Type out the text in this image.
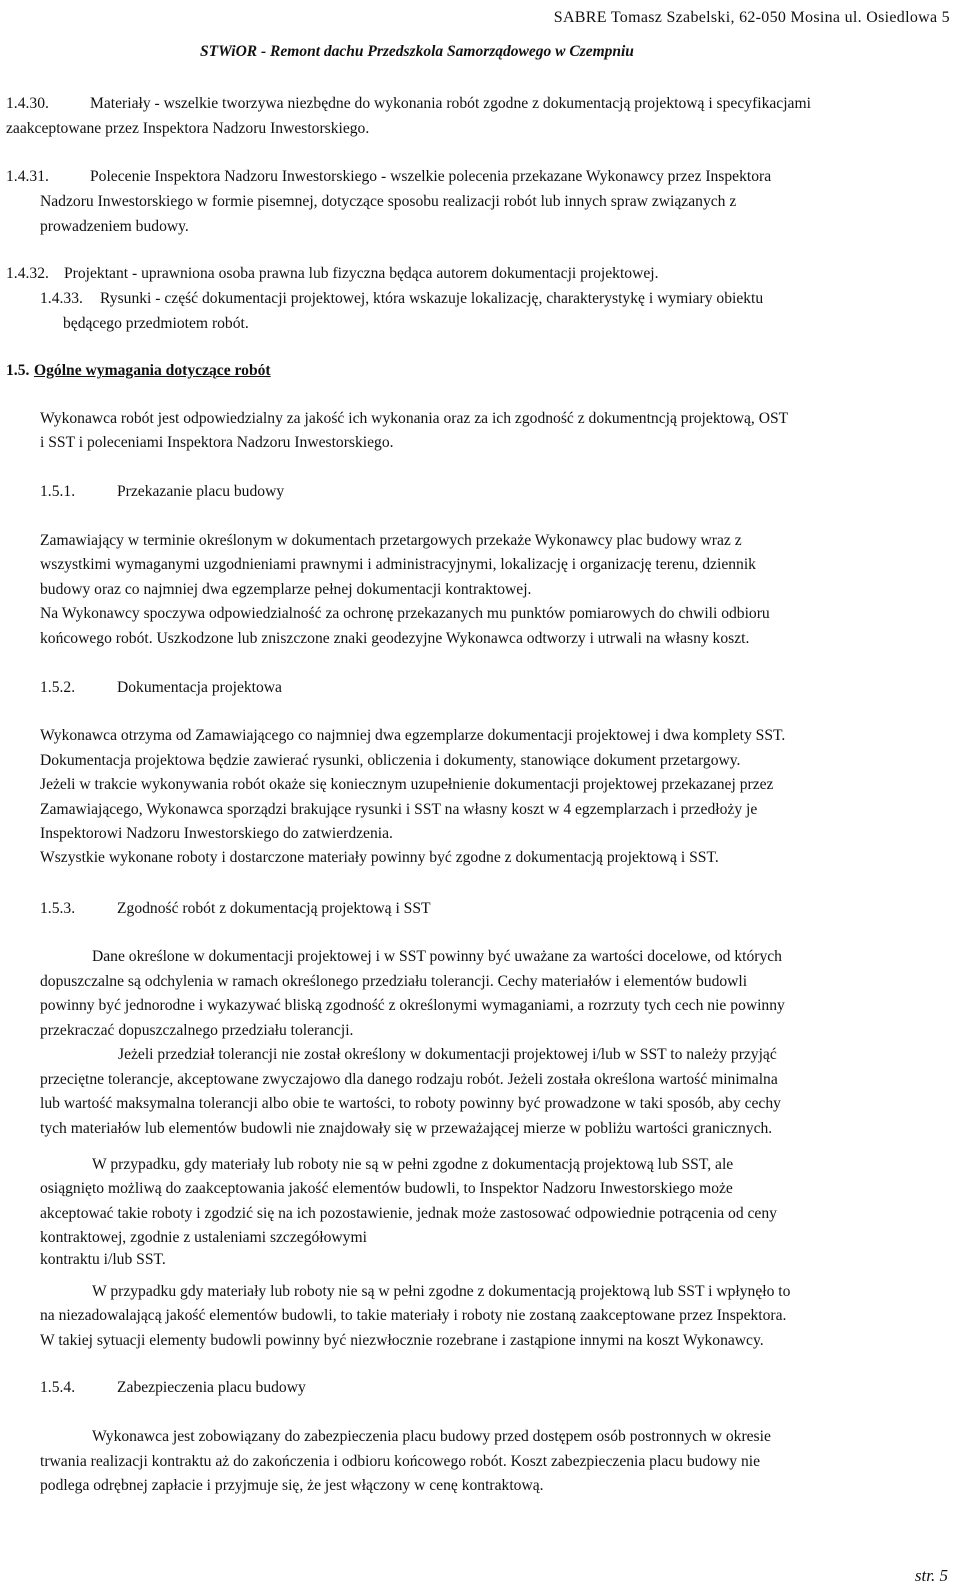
SABRE Tomasz Szabelski, 62-050 Mosina ul. Osiedlowa 5
STWiOR - Remont dachu Przedszkola Samorządowego w Czempniu
1.4.30.	Materiały - wszelkie tworzywa niezbędne do wykonania robót zgodne z dokumentacją projektową i specyfikacjami
zaakceptowane przez Inspektora Nadzoru Inwestorskiego.
1.4.31.	Polecenie Inspektora Nadzoru Inwestorskiego - wszelkie polecenia przekazane Wykonawcy przez Inspektora

Nadzoru Inwestorskiego w formie pisemnej, dotyczące sposobu realizacji robót lub innych spraw związanych z

prowadzeniem budowy.
1.4.32. Projektant - uprawniona osoba prawna lub fizyczna będąca autorem dokumentacji projektowej.
1.4.33. Rysunki - część dokumentacji projektowej, która wskazuje lokalizację, charakterystykę i wymiary obiektu
będącego przedmiotem robót.
1.5. Ogólne wymagania dotyczące robót
Wykonawca robót jest odpowiedzialny za jakość ich wykonania oraz za ich zgodność z dokumentncją projektową, OST
i SST i poleceniami Inspektora Nadzoru Inwestorskiego.
1.5.1.	Przekazanie placu budowy

Zamawiający w terminie określonym w dokumentach przetargowych przekaże Wykonawcy plac budowy wraz z

wszystkimi wymaganymi uzgodnieniami prawnymi i administracyjnymi, lokalizację i organizację terenu, dziennik

budowy oraz co najmniej dwa egzemplarze pełnej dokumentacji kontraktowej.
Na Wykonawcy spoczywa odpowiedzialność za ochronę przekazanych mu punktów pomiarowych do chwili odbioru
końcowego robót. Uszkodzone lub zniszczone znaki geodezyjne Wykonawca odtworzy i utrwali na własny koszt.
1.5.2.	Dokumentacja projektowa
Wykonawca otrzyma od Zamawiającego co najmniej dwa egzemplarze dokumentacji projektowej i dwa komplety SST.
Dokumentacja projektowa będzie zawierać rysunki, obliczenia i dokumenty, stanowiące dokument przetargowy.

Jeżeli w trakcie wykonywania robót okaże się koniecznym uzupełnienie dokumentacji projektowej przekazanej przez

Zamawiającego, Wykonawca sporządzi brakujące rysunki i SST na własny koszt w 4 egzemplarzach i przedłoży je

Inspektorowi Nadzoru Inwestorskiego do zatwierdzenia.
Wszystkie wykonane roboty i dostarczone materiały powinny być zgodne z dokumentacją projektową i SST.
1.5.3.	Zgodność robót z dokumentacją projektową i SST

Dane określone w dokumentacji projektowej i w SST powinny być uważane za wartości docelowe, od których

dopuszczalne są odchylenia w ramach określonego przedziału tolerancji. Cechy materiałów i elementów budowli

powinny być jednorodne i wykazywać bliską zgodność z określonymi wymaganiami, a rozrzuty tych cech nie powinny

przekraczać dopuszczalnego przedziału tolerancji.
Jeżeli przedział tolerancji nie został określony w dokumentacji projektowej i/lub w SST to należy przyjąć
przeciętne tolerancje, akceptowane zwyczajowo dla danego rodzaju robót. Jeżeli została określona wartość minimalna
lub wartość maksymalna tolerancji albo obie te wartości, to roboty powinny być prowadzone w taki sposób, aby cechy
tych materiałów lub elementów budowli nie znajdowały się w przeważającej mierze w pobliżu wartości granicznych.

W przypadku, gdy materiały lub roboty nie są w pełni zgodne z dokumentacją projektową lub SST, ale

osiągnięto możliwą do zaakceptowania jakość elementów budowli, to Inspektor Nadzoru Inwestorskiego może

akceptować takie roboty i zgodzić się na ich pozostawienie, jednak może zastosować odpowiednie potrącenia od ceny

kontraktowej, zgodnie z ustaleniami szczegółowymi
kontraktu i/lub SST.

W przypadku gdy materiały lub roboty nie są w pełni zgodne z dokumentacją projektową lub SST i wpłynęło to

na niezadowalającą jakość elementów budowli, to takie materiały i roboty nie zostaną zaakceptowane przez Inspektora.
W takiej sytuacji elementy budowli powinny być niezwłocznie rozebrane i zastąpione innymi na koszt Wykonawcy.
1.5.4.	Zabezpieczenia placu budowy
Wykonawca jest zobowiązany do zabezpieczenia placu budowy przed dostępem osób postronnych w okresie
trwania realizacji kontraktu aż do zakończenia i odbioru końcowego robót. Koszt zabezpieczenia placu budowy nie
podlega odrębnej zapłacie i przyjmuje się, że jest włączony w cenę kontraktową.
str. 5
